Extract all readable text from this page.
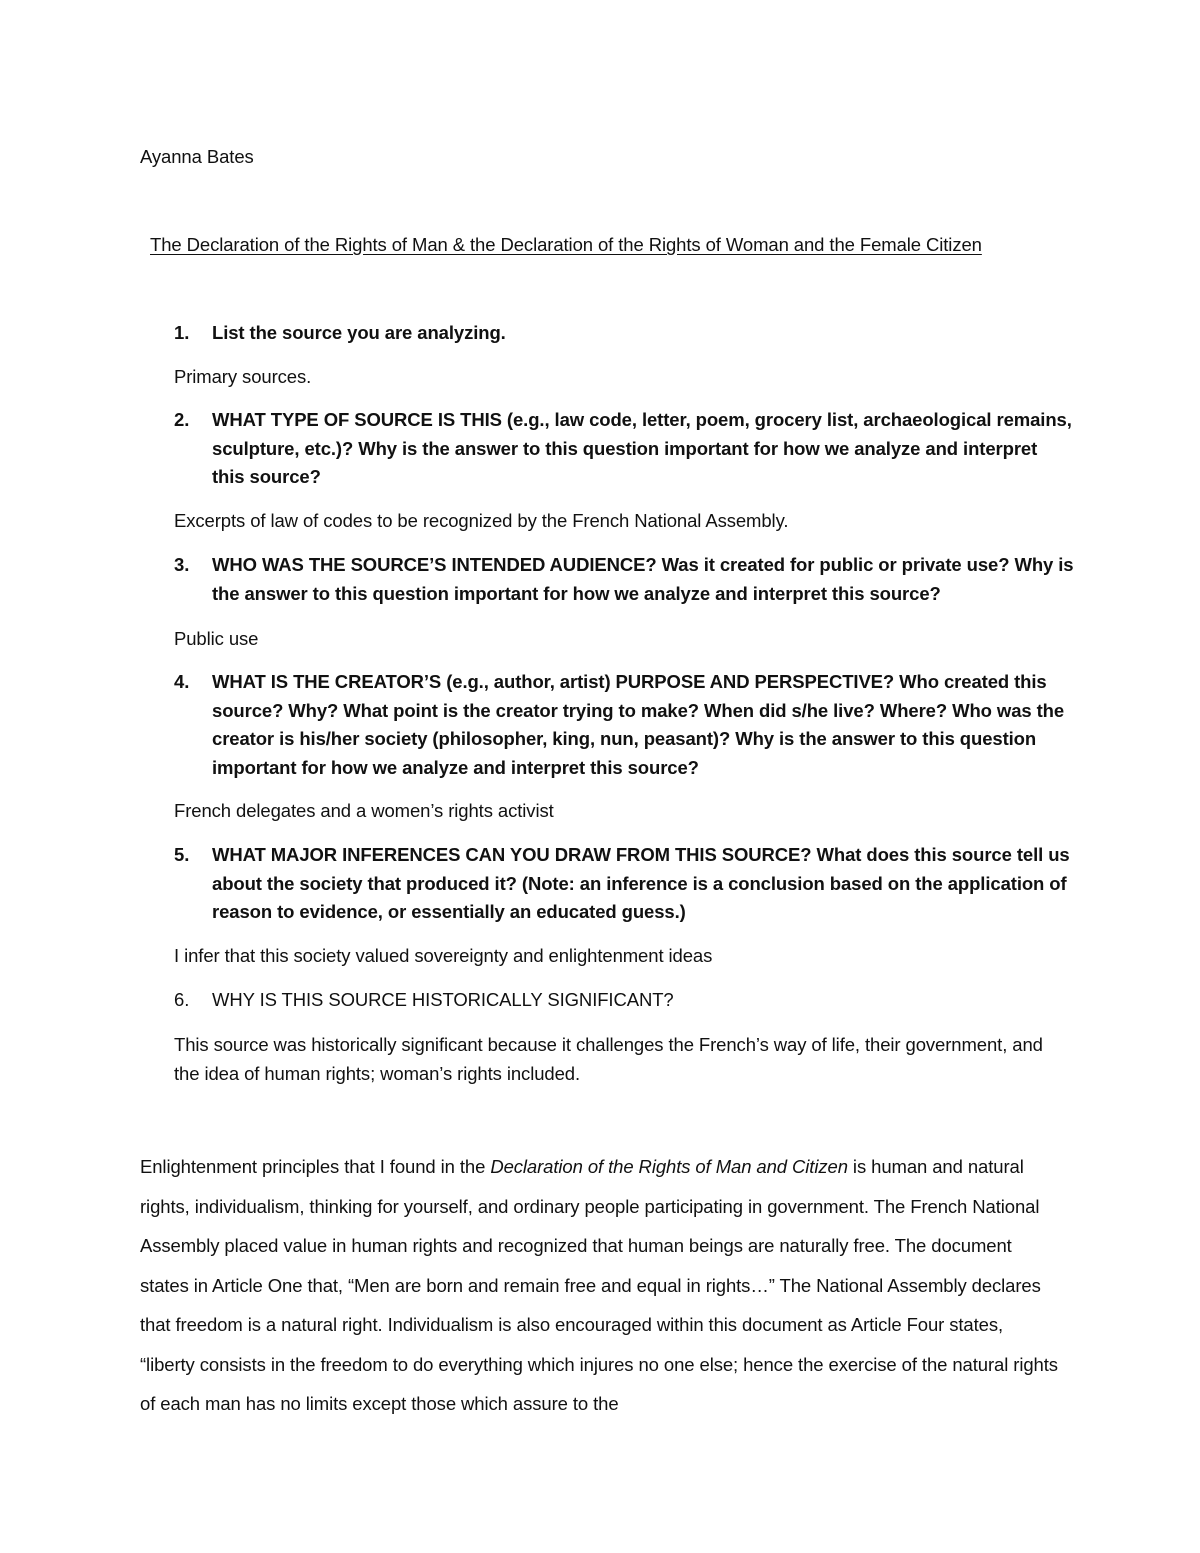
Ayanna Bates
The Declaration of the Rights of Man & the Declaration of the Rights of Woman and the Female Citizen
1. List the source you are analyzing.
Primary sources.
2. WHAT TYPE OF SOURCE IS THIS (e.g., law code, letter, poem, grocery list, archaeological remains, sculpture, etc.)? Why is the answer to this question important for how we analyze and interpret this source?
Excerpts of law of codes to be recognized by the French National Assembly.
3. WHO WAS THE SOURCE’S INTENDED AUDIENCE? Was it created for public or private use? Why is the answer to this question important for how we analyze and interpret this source?
Public use
4. WHAT IS THE CREATOR’S (e.g., author, artist) PURPOSE AND PERSPECTIVE? Who created this source? Why? What point is the creator trying to make? When did s/he live? Where? Who was the creator is his/her society (philosopher, king, nun, peasant)? Why is the answer to this question important for how we analyze and interpret this source?
French delegates and a women’s rights activist
5. WHAT MAJOR INFERENCES CAN YOU DRAW FROM THIS SOURCE? What does this source tell us about the society that produced it? (Note: an inference is a conclusion based on the application of reason to evidence, or essentially an educated guess.)
I infer that this society valued sovereignty and enlightenment ideas
6. WHY IS THIS SOURCE HISTORICALLY SIGNIFICANT?
This source was historically significant because it challenges the French’s way of life, their government, and the idea of human rights; woman’s rights included.
Enlightenment principles that I found in the Declaration of the Rights of Man and Citizen is human and natural rights, individualism, thinking for yourself, and ordinary people participating in government. The French National Assembly placed value in human rights and recognized that human beings are naturally free. The document states in Article One that, “Men are born and remain free and equal in rights…” The National Assembly declares that freedom is a natural right. Individualism is also encouraged within this document as Article Four states, “liberty consists in the freedom to do everything which injures no one else; hence the exercise of the natural rights of each man has no limits except those which assure to the
